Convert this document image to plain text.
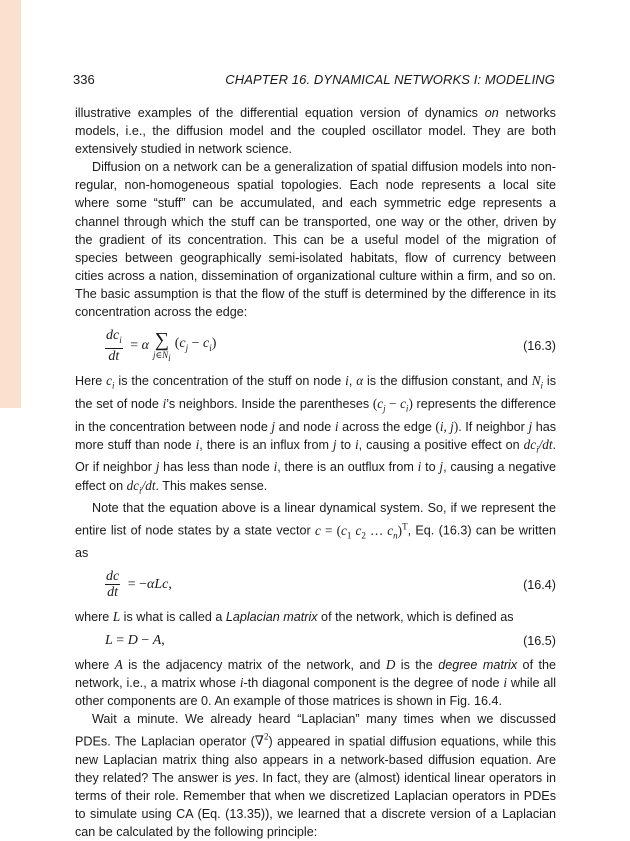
336	CHAPTER 16. DYNAMICAL NETWORKS I: MODELING

illustrative examples of the differential equation version of dynamics on networks models, i.e., the diffusion model and the coupled oscillator model. They are both extensively studied in network science.

Diffusion on a network can be a generalization of spatial diffusion models into non-regular, non-homogeneous spatial topologies. Each node represents a local site where some “stuff” can be accumulated, and each symmetric edge represents a channel through which the stuff can be transported, one way or the other, driven by the gradient of its concentration. This can be a useful model of the migration of species between geographically semi-isolated habitats, flow of currency between cities across a nation, dissemination of organizational culture within a firm, and so on. The basic assumption is that the flow of the stuff is determined by the difference in its concentration across the edge:

$\frac{dc_i}{dt} = \alpha$ ∑
$j\in N_i$
$(c_j - c_i)$	(16.3)

Here $c_i$ is the concentration of the stuff on node i, α is the diffusion constant, and $N_i$ is the set of node i’s neighbors. Inside the parentheses $(c_j - c_i)$ represents the difference in the concentration between node j and node i across the edge (i, j). If neighbor j has more stuff than node i, there is an influx from j to i, causing a positive effect on $dc_i/dt$. Or if neighbor j has less than node i, there is an outflux from i to j, causing a negative effect on $dc_i/dt$. This makes sense.

Note that the equation above is a linear dynamical system. So, if we represent the entire list of node states by a state vector $c = (c_1$ $c_2$ … $c_n)^T$, Eq. (16.3) can be written as

$\frac{dc}{dt} = -\alpha Lc$,	(16.4)

where L is what is called a Laplacian matrix of the network, which is defined as

L = D − A,	(16.5)

where A is the adjacency matrix of the network, and D is the degree matrix of the network, i.e., a matrix whose i-th diagonal component is the degree of node i while all other components are 0. An example of those matrices is shown in Fig. 16.4.

Wait a minute. We already heard “Laplacian” many times when we discussed PDEs. The Laplacian operator (∇$^2$) appeared in spatial diffusion equations, while this new Laplacian matrix thing also appears in a network-based diffusion equation. Are they related? The answer is yes. In fact, they are (almost) identical linear operators in terms of their role. Remember that when we discretized Laplacian operators in PDEs to simulate using CA (Eq. (13.35)), we learned that a discrete version of a Laplacian can be calculated by the following principle:
